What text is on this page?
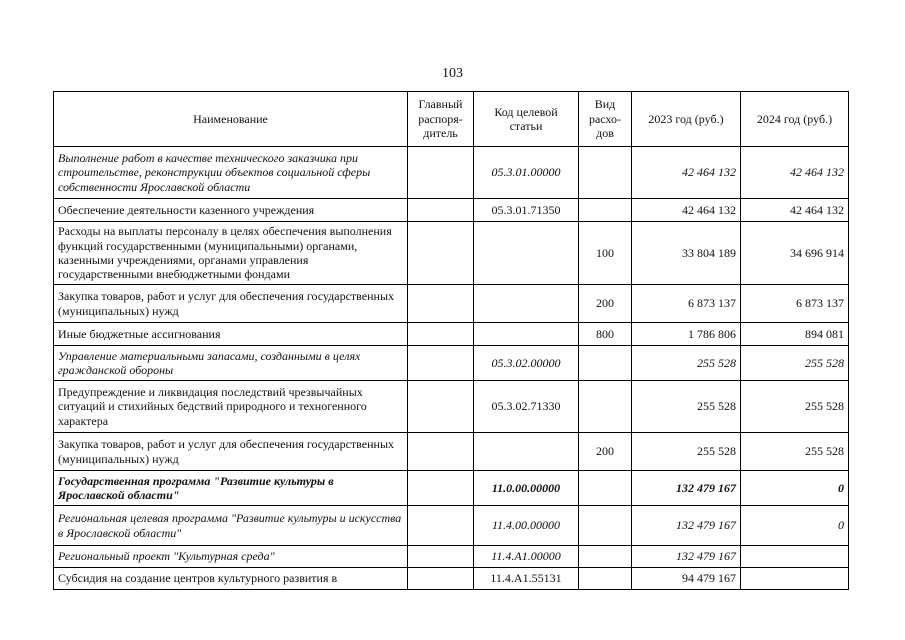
103
Наименование	Главный распоря-дитель	Код целевой статьи	Вид расхо-дов	2023 год (руб.)	2024 год (руб.)
Выполнение работ в качестве технического заказчика при строительстве, реконструкции объектов социальной сферы собственности Ярославской области		05.3.01.00000		42 464 132	42 464 132
Обеспечение деятельности казенного учреждения		05.3.01.71350		42 464 132	42 464 132
Расходы на выплаты персоналу в целях обеспечения выполнения функций государственными (муниципальными) органами, казенными учреждениями, органами управления государственными внебюджетными фондами			100	33 804 189	34 696 914
Закупка товаров, работ и услуг для обеспечения государственных (муниципальных) нужд			200	6 873 137	6 873 137
Иные бюджетные ассигнования			800	1 786 806	894 081
Управление материальными запасами, созданными в целях гражданской обороны		05.3.02.00000		255 528	255 528
Предупреждение и ликвидация последствий чрезвычайных ситуаций и стихийных бедствий природного и техногенного характера		05.3.02.71330		255 528	255 528
Закупка товаров, работ и услуг для обеспечения государственных (муниципальных) нужд			200	255 528	255 528
Государственная программа "Развитие культуры в Ярославской области"		11.0.00.00000		132 479 167	0
Региональная целевая программа "Развитие культуры и искусства в Ярославской области"		11.4.00.00000		132 479 167	0
Региональный проект "Культурная среда"		11.4.A1.00000		132 479 167	
Субсидия на создание центров культурного развития в		11.4.A1.55131		94 479 167	
